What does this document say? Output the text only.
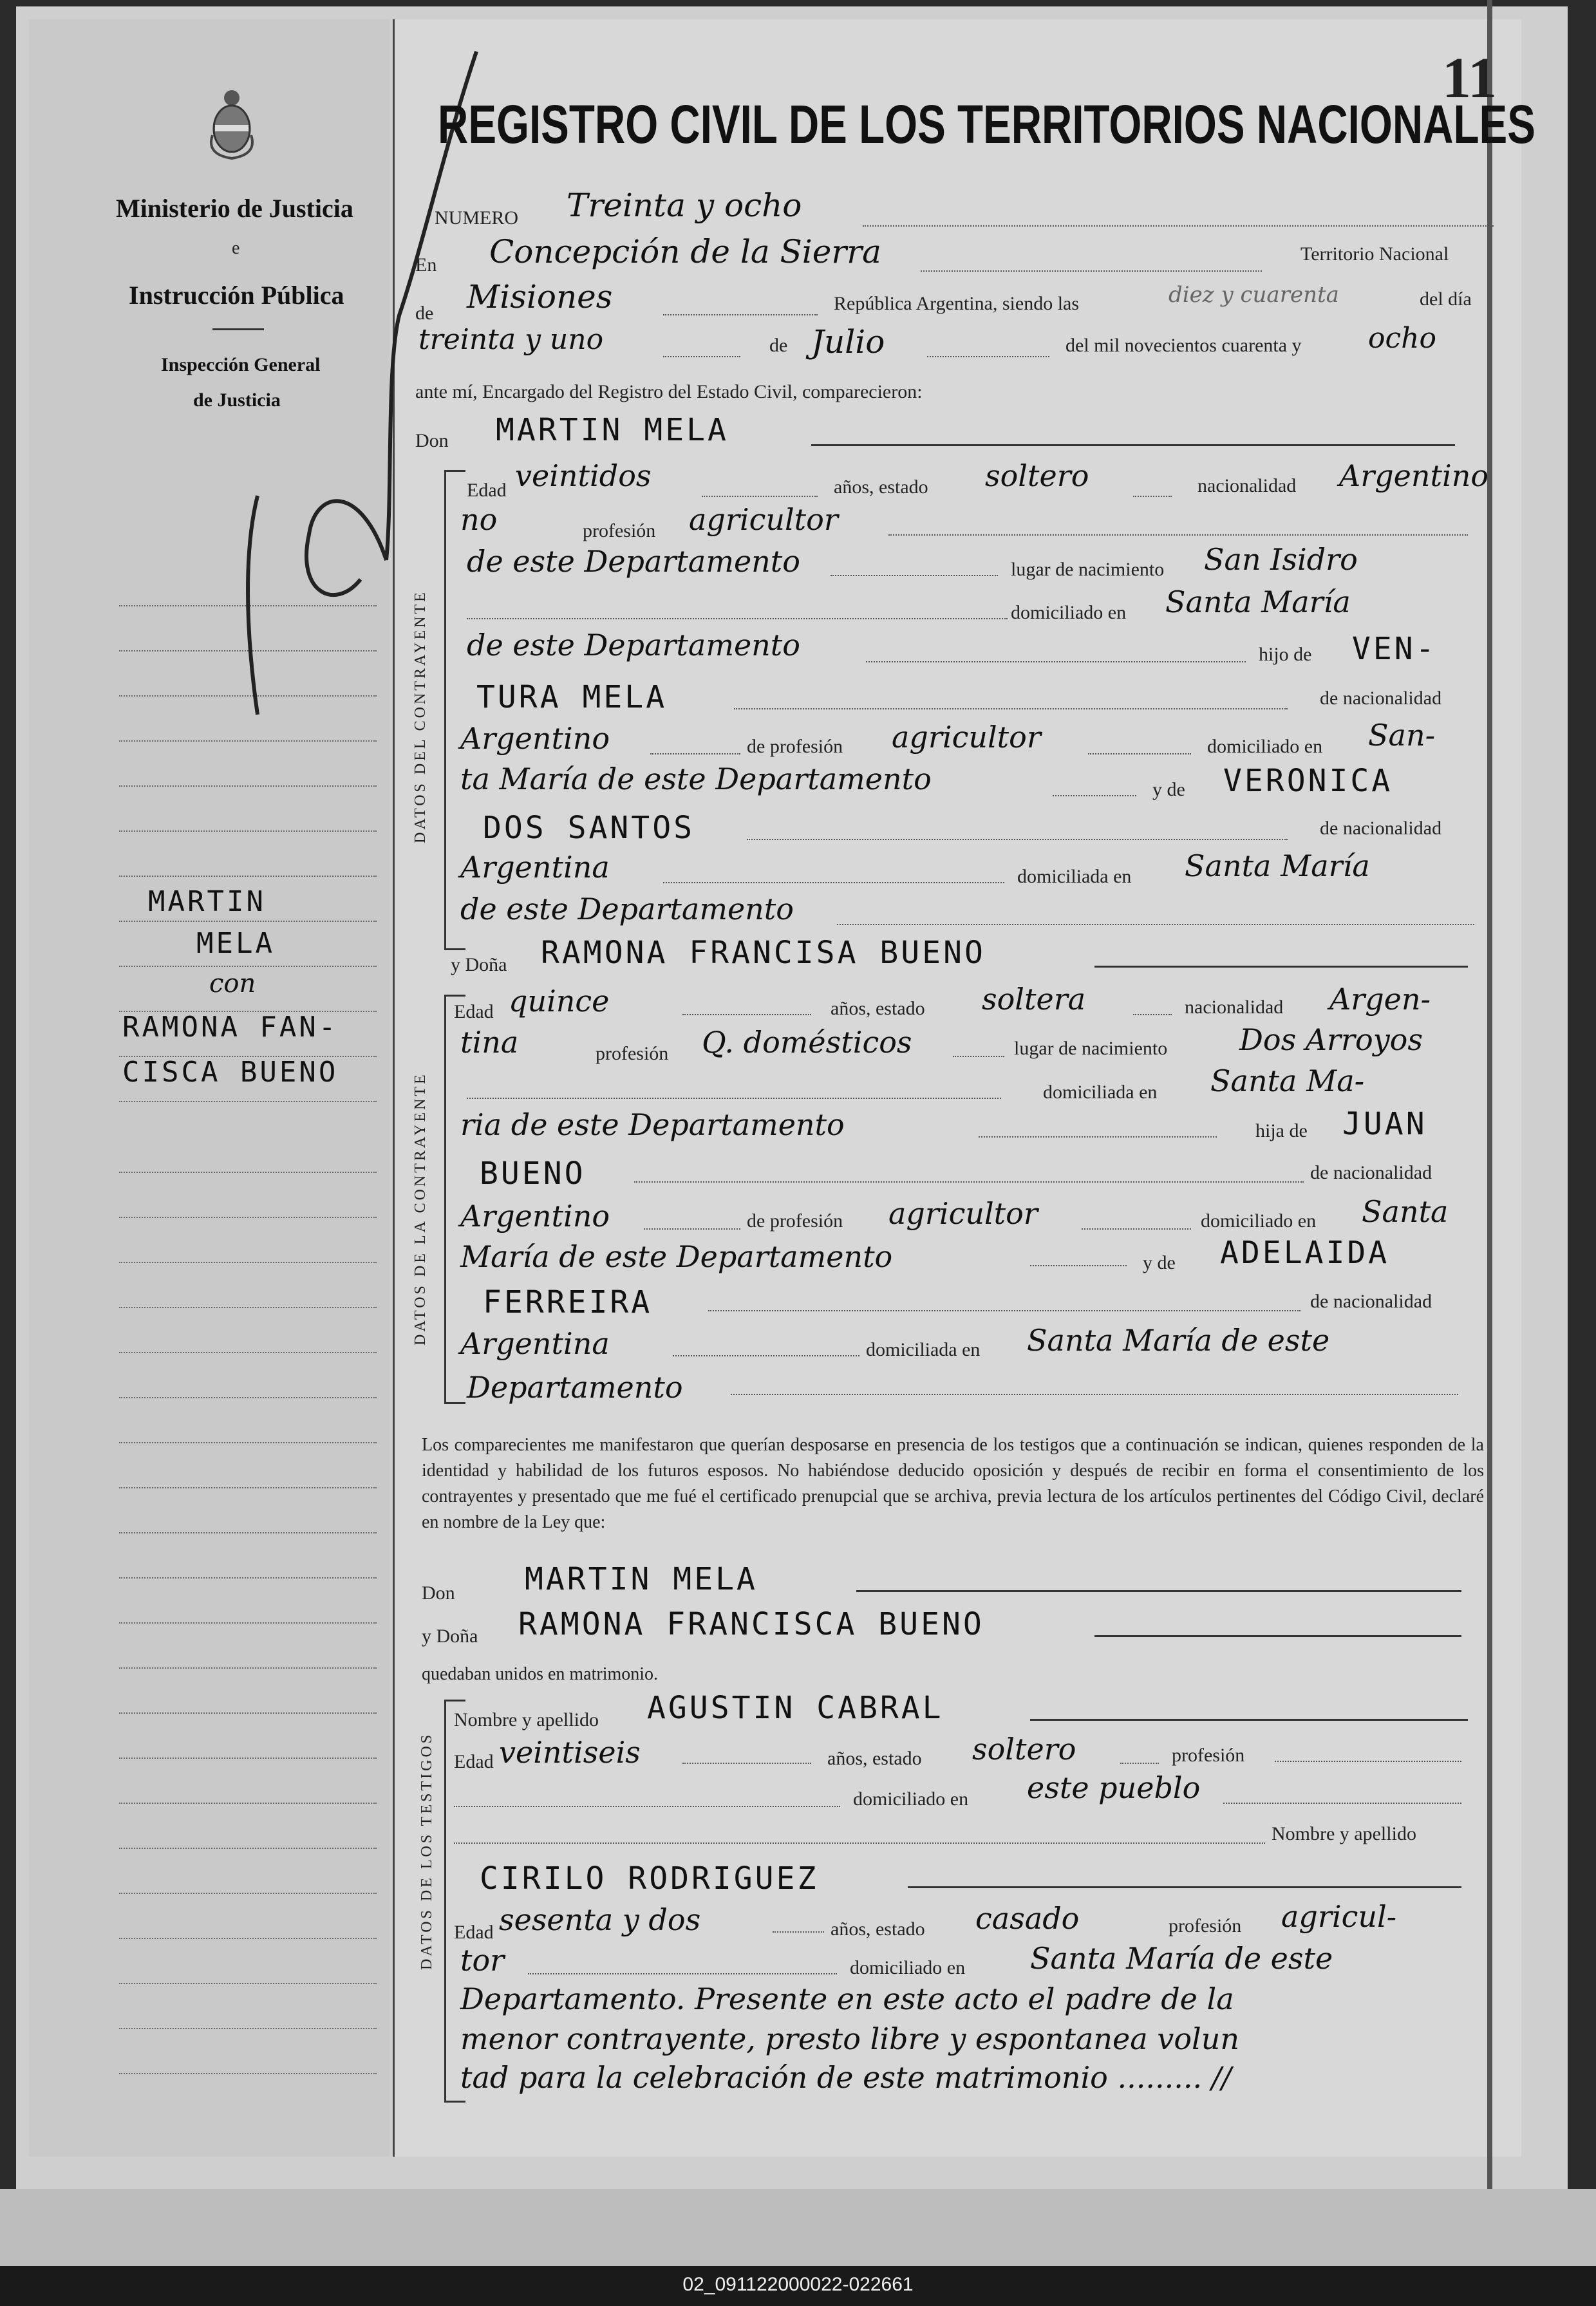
Ministerio de Justicia
e
Instrucción Pública
Inspección General
de Justicia
MARTIN
MELA
con
RAMONA FAN-
CISCA BUENO
11
REGISTRO CIVIL DE LOS TERRITORIOS NACIONALES
NUMERO Treinta y ocho
En Concepción de la Sierra	Territorio Nacional
de Misiones	República Argentina, siendo las	diez y cuarenta	del día
treinta y uno	de Julio	del mil novecientos cuarenta y ocho
ante mí, Encargado del Registro del Estado Civil, comparecieron:
Don MARTIN MELA
DATOS DEL CONTRAYENTE
Edad veintidos	años, estado soltero	nacionalidad Argentino
no	profesión agricultor
de este Departamento	lugar de nacimiento San Isidro
domiciliado en Santa María
de este Departamento	hijo de VEN-
TURA MELA	de nacionalidad
Argentino	de profesión agricultor	domiciliado en San-
ta María de este Departamento	y de VERONICA
DOS SANTOS	de nacionalidad
Argentina	domiciliada en Santa María
de este Departamento
y Doña RAMONA FRANCISA BUENO
DATOS DE LA CONTRAYENTE
Edad quince	años, estado soltera	nacionalidad Argen-
tina	profesión Q. domésticos	lugar de nacimiento Dos Arroyos
domiciliada en Santa Ma-
ria de este Departamento	hija de JUAN
BUENO	de nacionalidad
Argentino	de profesión agricultor	domiciliado en Santa
María de este Departamento	y de ADELAIDA
FERREIRA	de nacionalidad
Argentina	domiciliada en Santa María de este
Departamento
Los comparecientes me manifestaron que querían desposarse en presencia de los testigos que a continuación se indican, quienes responden de la identidad y habilidad de los futuros esposos. No habiéndose deducido oposición y después de recibir en forma el consentimiento de los contrayentes y presentado que me fué el certificado prenupcial que se archiva, previa lectura de los artículos pertinentes del Código Civil, declaré en nombre de la Ley que:
Don MARTIN MELA
y Doña RAMONA FRANCISCA BUENO
quedaban unidos en matrimonio.
DATOS DE LOS TESTIGOS
Nombre y apellido AGUSTIN CABRAL
Edad veintiseis	años, estado soltero	profesión
domiciliado en este pueblo
Nombre y apellido
CIRILO RODRIGUEZ
Edad sesenta y dos	años, estado casado	profesión agricul-
tor	domiciliado en Santa María de este
Departamento. Presente en este acto el padre de la
menor contrayente, presto libre y espontanea volun
tad para la celebración de este matrimonio ......... //
02_091122000022-022661
